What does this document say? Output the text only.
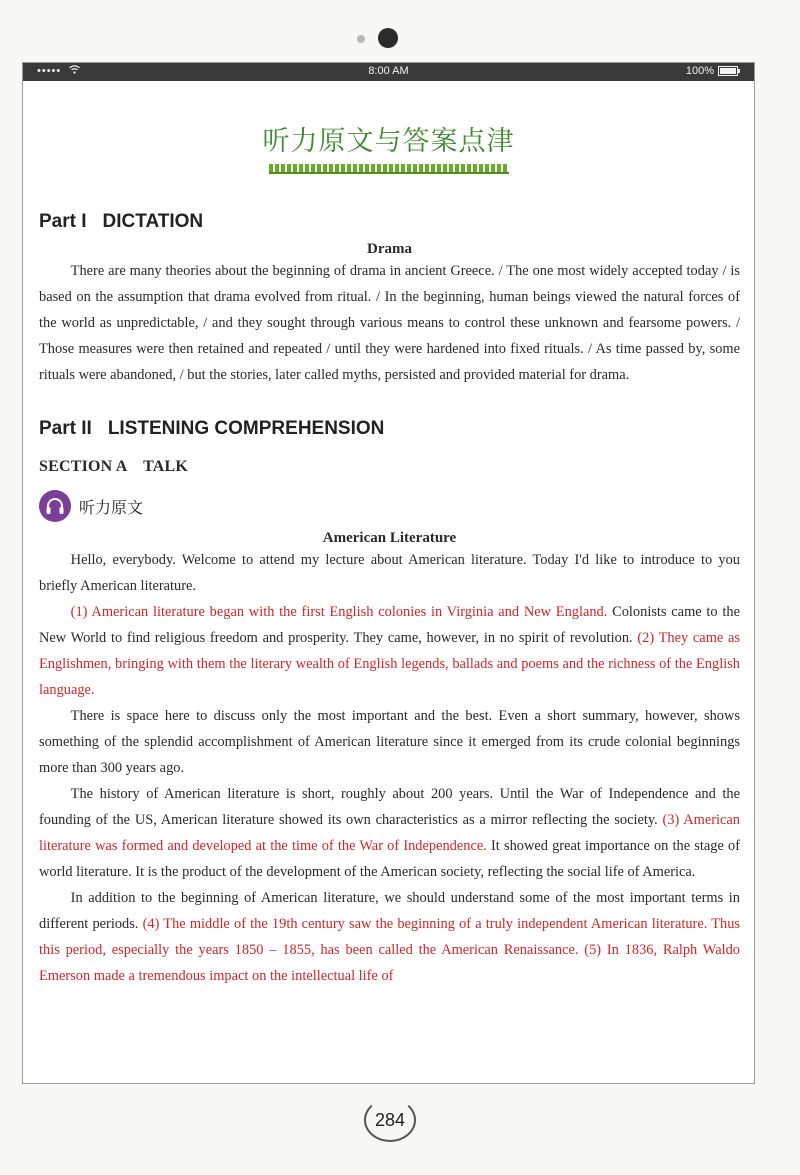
•••••	8:00 AM	100%
听力原文与答案点津
Part I DICTATION
Drama

There are many theories about the beginning of drama in ancient Greece. / The one most widely accepted today / is based on the assumption that drama evolved from ritual. / In the beginning, human beings viewed the natural forces of the world as unpredictable, / and they sought through various means to control these unknown and fearsome powers. / Those measures were then retained and repeated / until they were hardened into fixed rituals. / As time passed by, some rituals were abandoned, / but the stories, later called myths, persisted and provided material for drama.

Part II LISTENING COMPREHENSION
SECTION A    TALK
听力原文
American Literature

Hello, everybody. Welcome to attend my lecture about American literature. Today I'd like to introduce to you briefly American literature.

(1) American literature began with the first English colonies in Virginia and New England. Colonists came to the New World to find religious freedom and prosperity. They came, however, in no spirit of revolution. (2) They came as Englishmen, bringing with them the literary wealth of English legends, ballads and poems and the richness of the English language.

There is space here to discuss only the most important and the best. Even a short summary, however, shows something of the splendid accomplishment of American literature since it emerged from its crude colonial beginnings more than 300 years ago.

The history of American literature is short, roughly about 200 years. Until the War of Independence and the founding of the US, American literature showed its own characteristics as a mirror reflecting the society. (3) American literature was formed and developed at the time of the War of Independence. It showed great importance on the stage of world literature. It is the product of the development of the American society, reflecting the social life of America.

In addition to the beginning of American literature, we should understand some of the most important terms in different periods. (4) The middle of the 19th century saw the beginning of a truly independent American literature. Thus this period, especially the years 1850 – 1855, has been called the American Renaissance. (5) In 1836, Ralph Waldo Emerson made a tremendous impact on the intellectual life of

284
